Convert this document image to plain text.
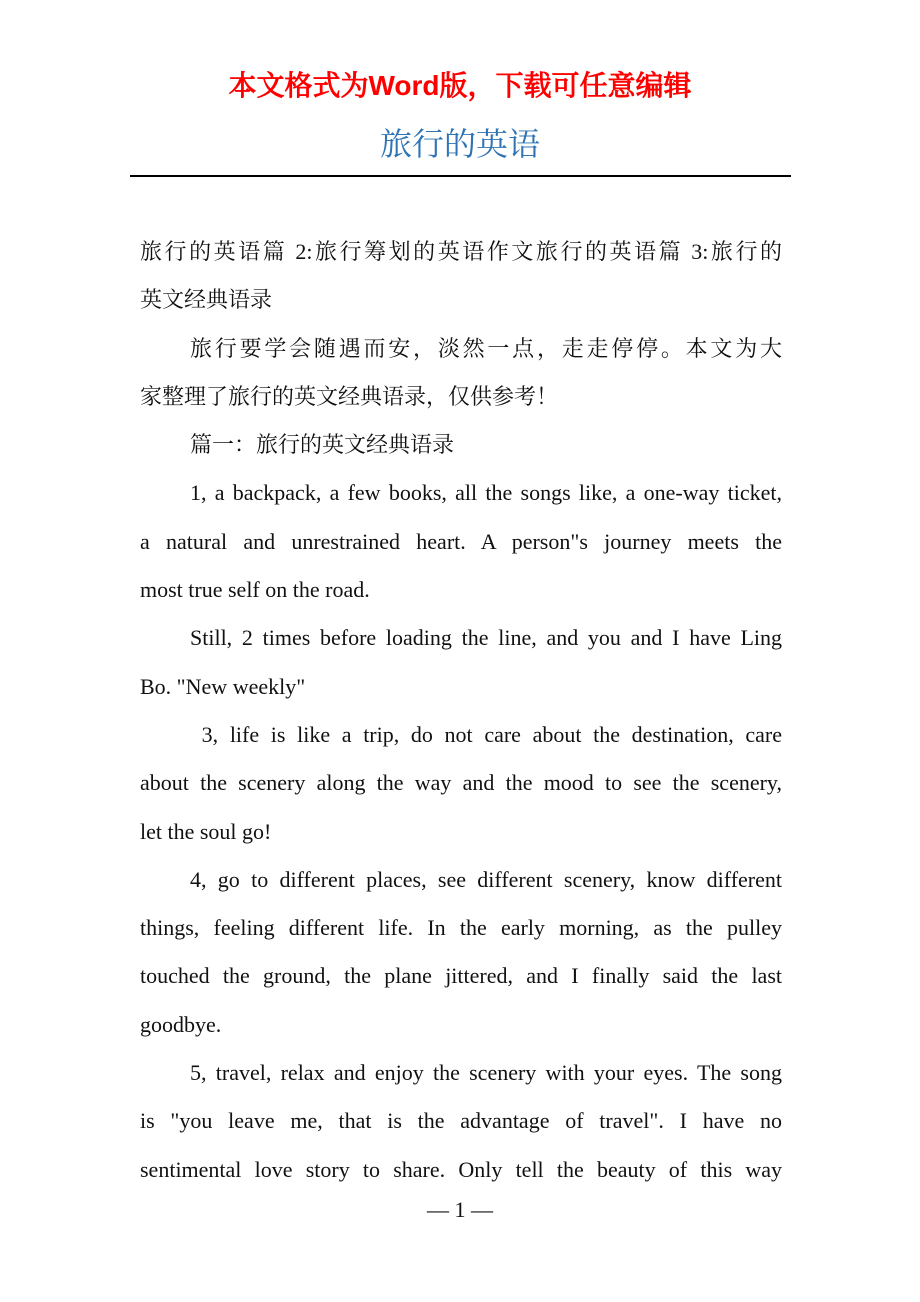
本文格式为Word版，下载可任意编辑
旅行的英语
旅行的英语篇 2:旅行筹划的英语作文旅行的英语篇 3:旅行的
英文经典语录
旅行要学会随遇而安，淡然一点，走走停停。本文为大
家整理了旅行的英文经典语录，仅供参考！
篇一：旅行的英文经典语录
1, a backpack, a few books, all the songs like, a one-way ticket,
a natural and unrestrained heart. A person"s journey meets the
most true self on the road.
Still, 2 times before loading the line, and you and I have Ling
Bo. "New weekly"
3, life is like a trip, do not care about the destination, care
about the scenery along the way and the mood to see the scenery,
let the soul go!
4, go to different places, see different scenery, know different
things, feeling different life. In the early morning, as the pulley
touched the ground, the plane jittered, and I finally said the last
goodbye.
5, travel, relax and enjoy the scenery with your eyes. The song
is "you leave me, that is the advantage of travel". I have no
sentimental love story to share. Only tell the beauty of this way
— 1 —
